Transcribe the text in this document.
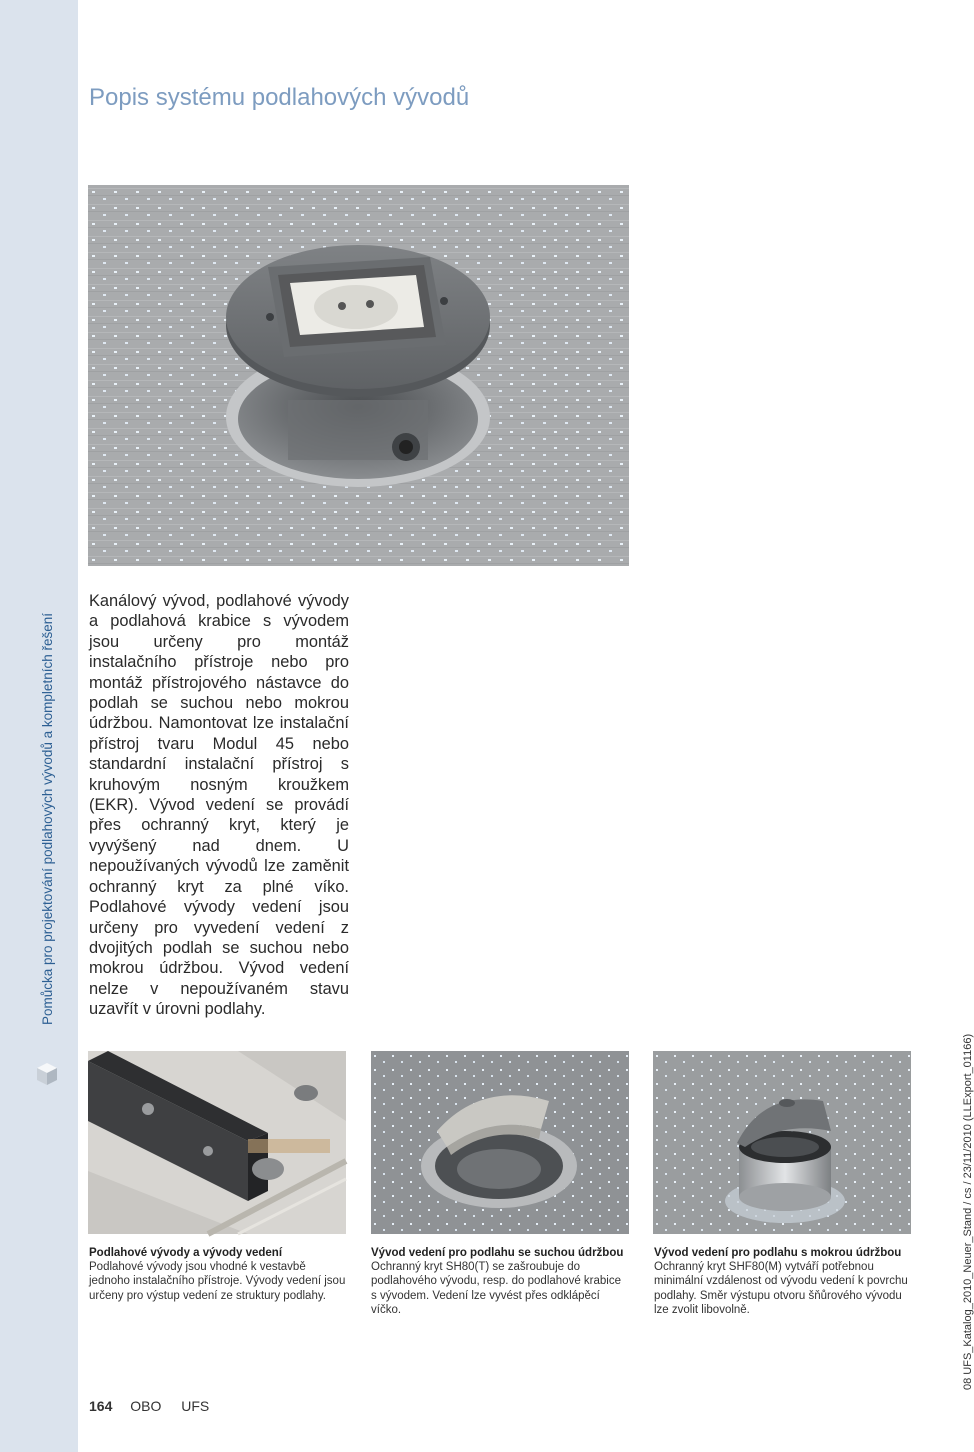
Pomůcka pro projektování podlahových vývodů a kompletních řešení
Popis systému podlahových vývodů

Kanálový vývod, podlahové vývody a podlahová krabice s vývodem jsou určeny pro montáž instalačního přístroje nebo pro montáž přístrojového nástavce do podlah se suchou nebo mokrou údržbou. Namontovat lze instalační přístroj tvaru Modul 45 nebo standardní instalační přístroj s kruhovým nosným kroužkem (EKR). Vývod vedení se provádí přes ochranný kryt, který je vyvýšený nad dnem. U nepoužívaných vývodů lze zaměnit ochranný kryt za plné víko. Podlahové vývody vedení jsou určeny pro vyvedení vedení z dvojitých podlah se suchou nebo mokrou údržbou. Vývod vedení nelze v nepoužívaném stavu uzavřít v úrovni podlahy.

Podlahové vývody a vývody vedení
Podlahové vývody jsou vhodné k vestavbě jednoho instalačního přístroje. Vývody vedení jsou určeny pro výstup vedení ze struktury podlahy.
Vývod vedení pro podlahu se suchou údržbou
Ochranný kryt SH80(T) se zašroubuje do podlahového vývodu, resp. do podlahové krabice s vývodem. Vedení lze vyvést přes odklápěcí víčko.
Vývod vedení pro podlahu s mokrou údržbou
Ochranný kryt SHF80(M) vytváří potřebnou minimální vzdálenost od vývodu vedení k povrchu podlahy. Směr výstupu otvoru šňůrového vývodu lze zvolit libovolně.
164 OBO UFS
08 UFS_Katalog_2010_Neuer_Stand / cs / 23/11/2010 (LLExport_01166)
